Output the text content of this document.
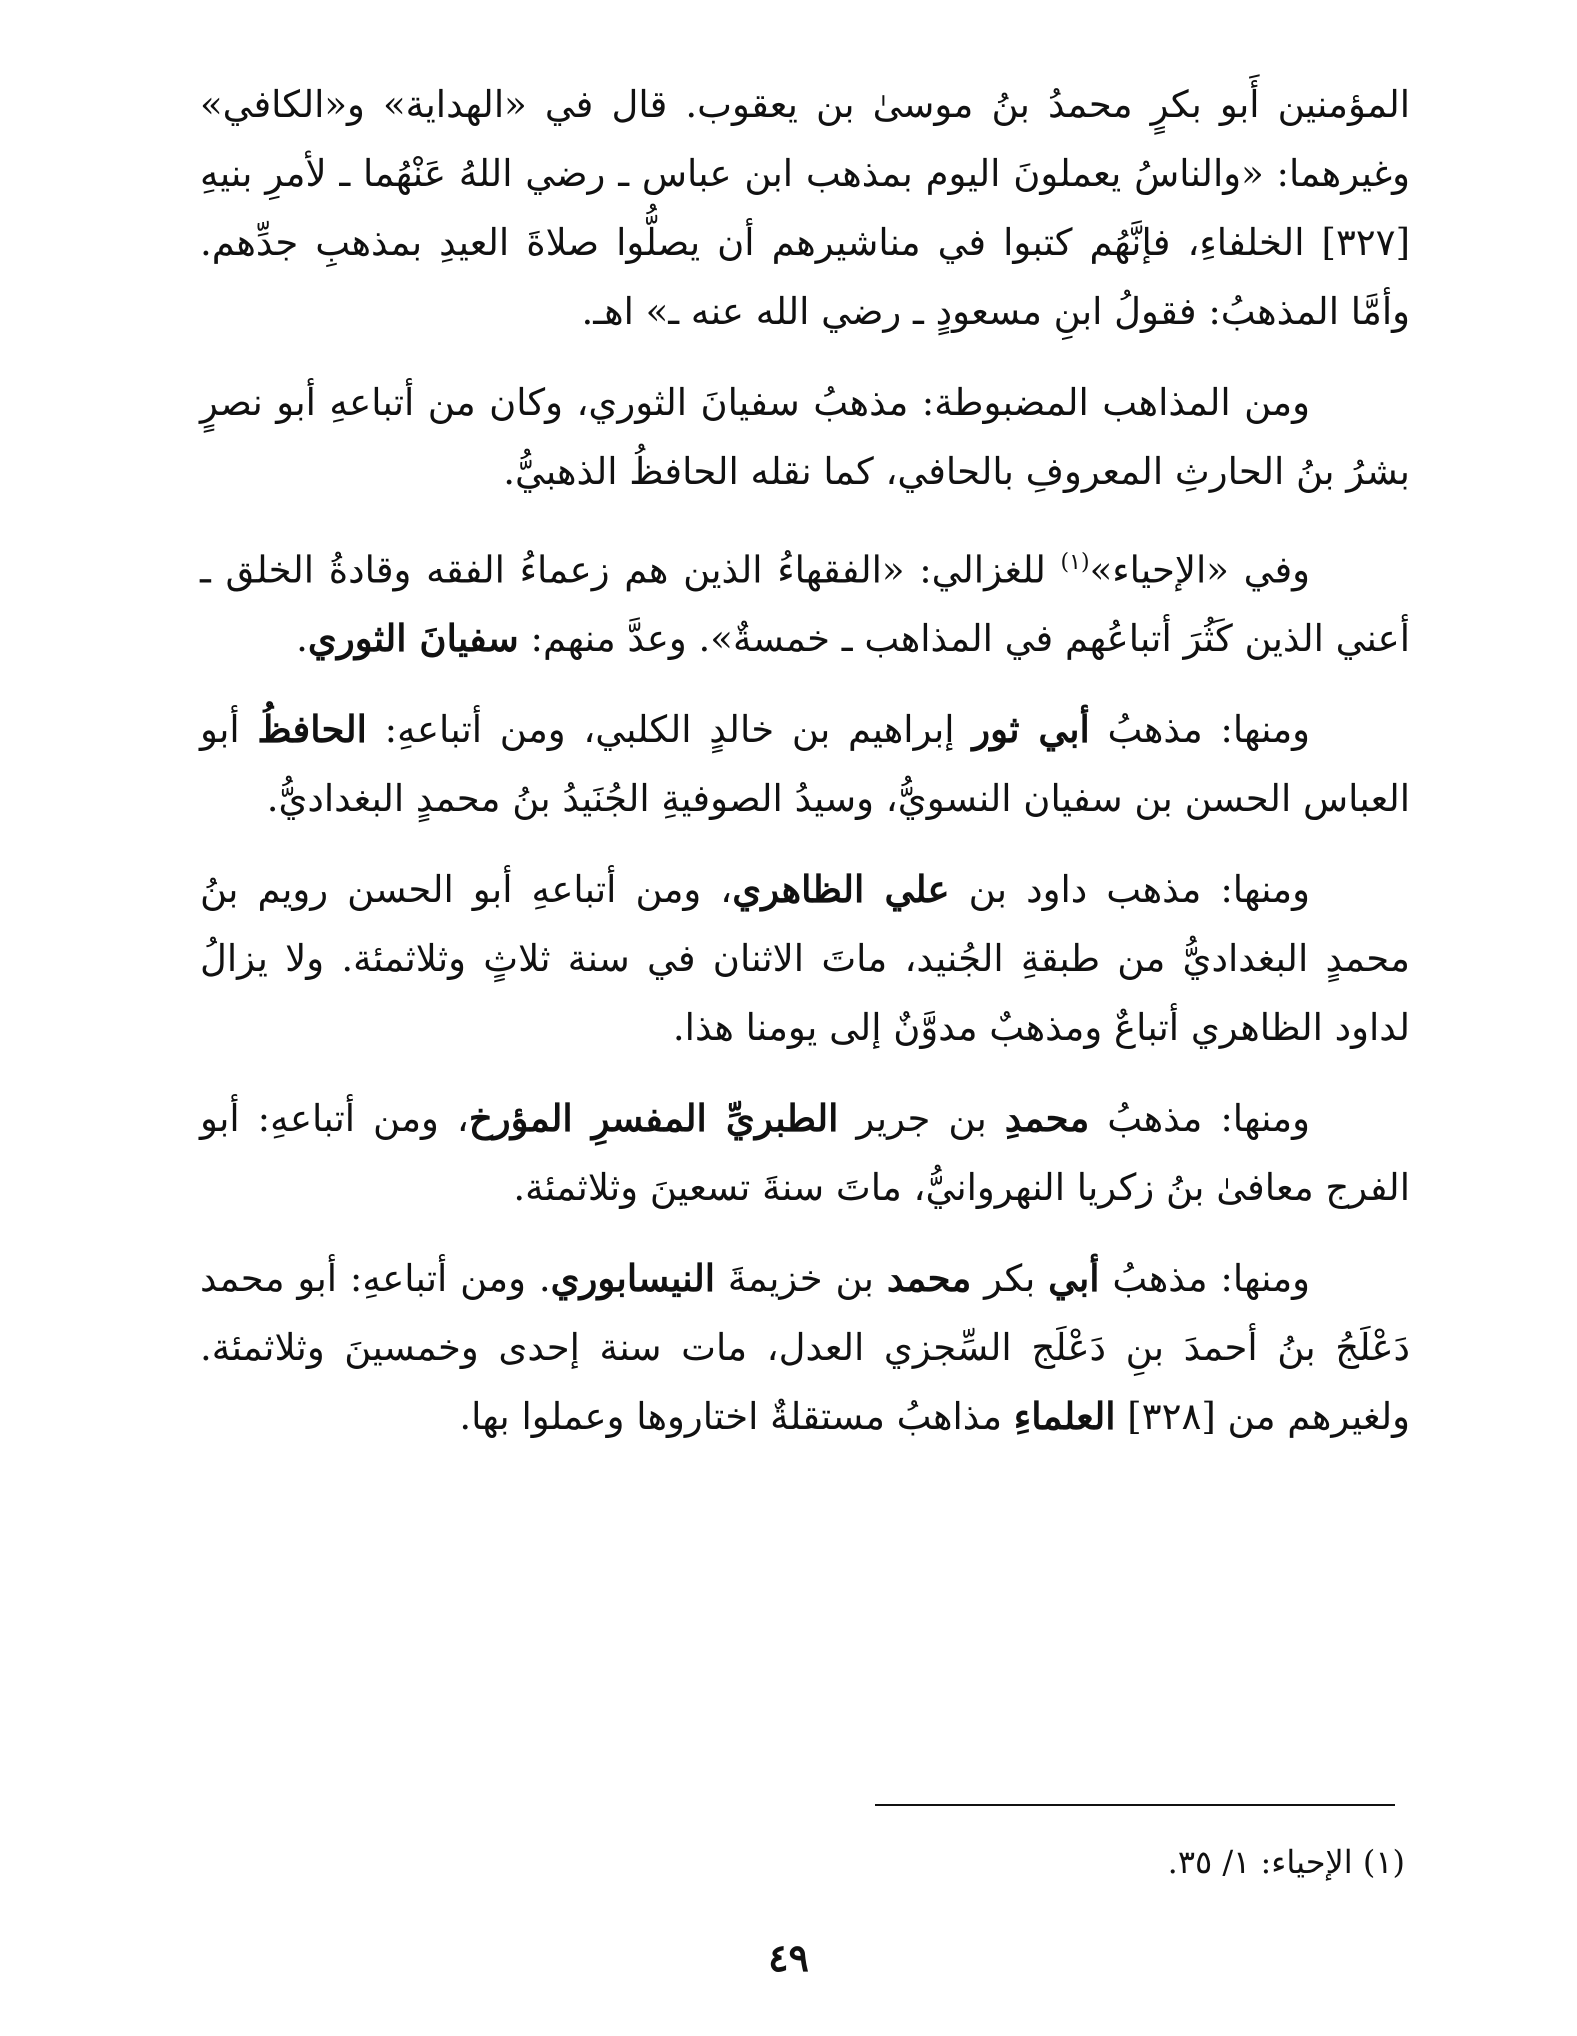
المؤمنين أَبو بكرٍ محمدُ بنُ موسىٰ بن يعقوب. قال في «الهداية» و«الكافي» وغيرهما: «والناسُ يعملونَ اليوم بمذهب ابن عباس ـ رضي اللهُ عَنْهُما ـ لأمرِ بنيهِ [٣٢٧] الخلفاءِ، فإنَّهُم كتبوا في مناشيرهم أن يصلُّوا صلاةَ العيدِ بمذهبِ جدِّهم. وأمَّا المذهبُ: فقولُ ابنِ مسعودٍ ـ رضي الله عنه ـ» اهـ.

ومن المذاهب المضبوطة: مذهبُ سفيانَ الثوري، وكان من أتباعهِ أبو نصرٍ بشرُ بنُ الحارثِ المعروفِ بالحافي، كما نقله الحافظُ الذهبيُّ.

وفي «الإحياء»$^{(١)}$ للغزالي: «الفقهاءُ الذين هم زعماءُ الفقه وقادةُ الخلق ـ أعني الذين كَثُرَ أتباعُهم في المذاهب ـ خمسةٌ». وعدَّ منهم: سفيانَ الثوري.

ومنها: مذهبُ أبي ثور إبراهيم بن خالدٍ الكلبي، ومن أتباعهِ: الحافظُ أبو العباس الحسن بن سفيان النسويُّ، وسيدُ الصوفيةِ الجُنَيدُ بنُ محمدٍ البغداديُّ.

ومنها: مذهب داود بن علي الظاهري، ومن أتباعهِ أبو الحسن رويم بنُ محمدٍ البغداديُّ من طبقةِ الجُنيد، ماتَ الاثنان في سنة ثلاثٍ وثلاثمئة. ولا يزالُ لداود الظاهري أتباعٌ ومذهبٌ مدوَّنٌ إلى يومنا هذا.

ومنها: مذهبُ محمدِ بن جرير الطبريِّ المفسرِ المؤرخ، ومن أتباعهِ: أبو الفرج معافىٰ بنُ زكريا النهروانيُّ، ماتَ سنةَ تسعينَ وثلاثمئة.

ومنها: مذهبُ أبي بكر محمد بن خزيمةَ النيسابوري. ومن أتباعهِ: أبو محمد دَعْلَجُ بنُ أحمدَ بنِ دَعْلَج السِّجزي العدل، مات سنة إحدى وخمسينَ وثلاثمئة. ولغيرهم من [٣٢٨] العلماءِ مذاهبُ مستقلةٌ اختاروها وعملوا بها.

(١) الإحياء: ١/ ٣٥.
٤٩
